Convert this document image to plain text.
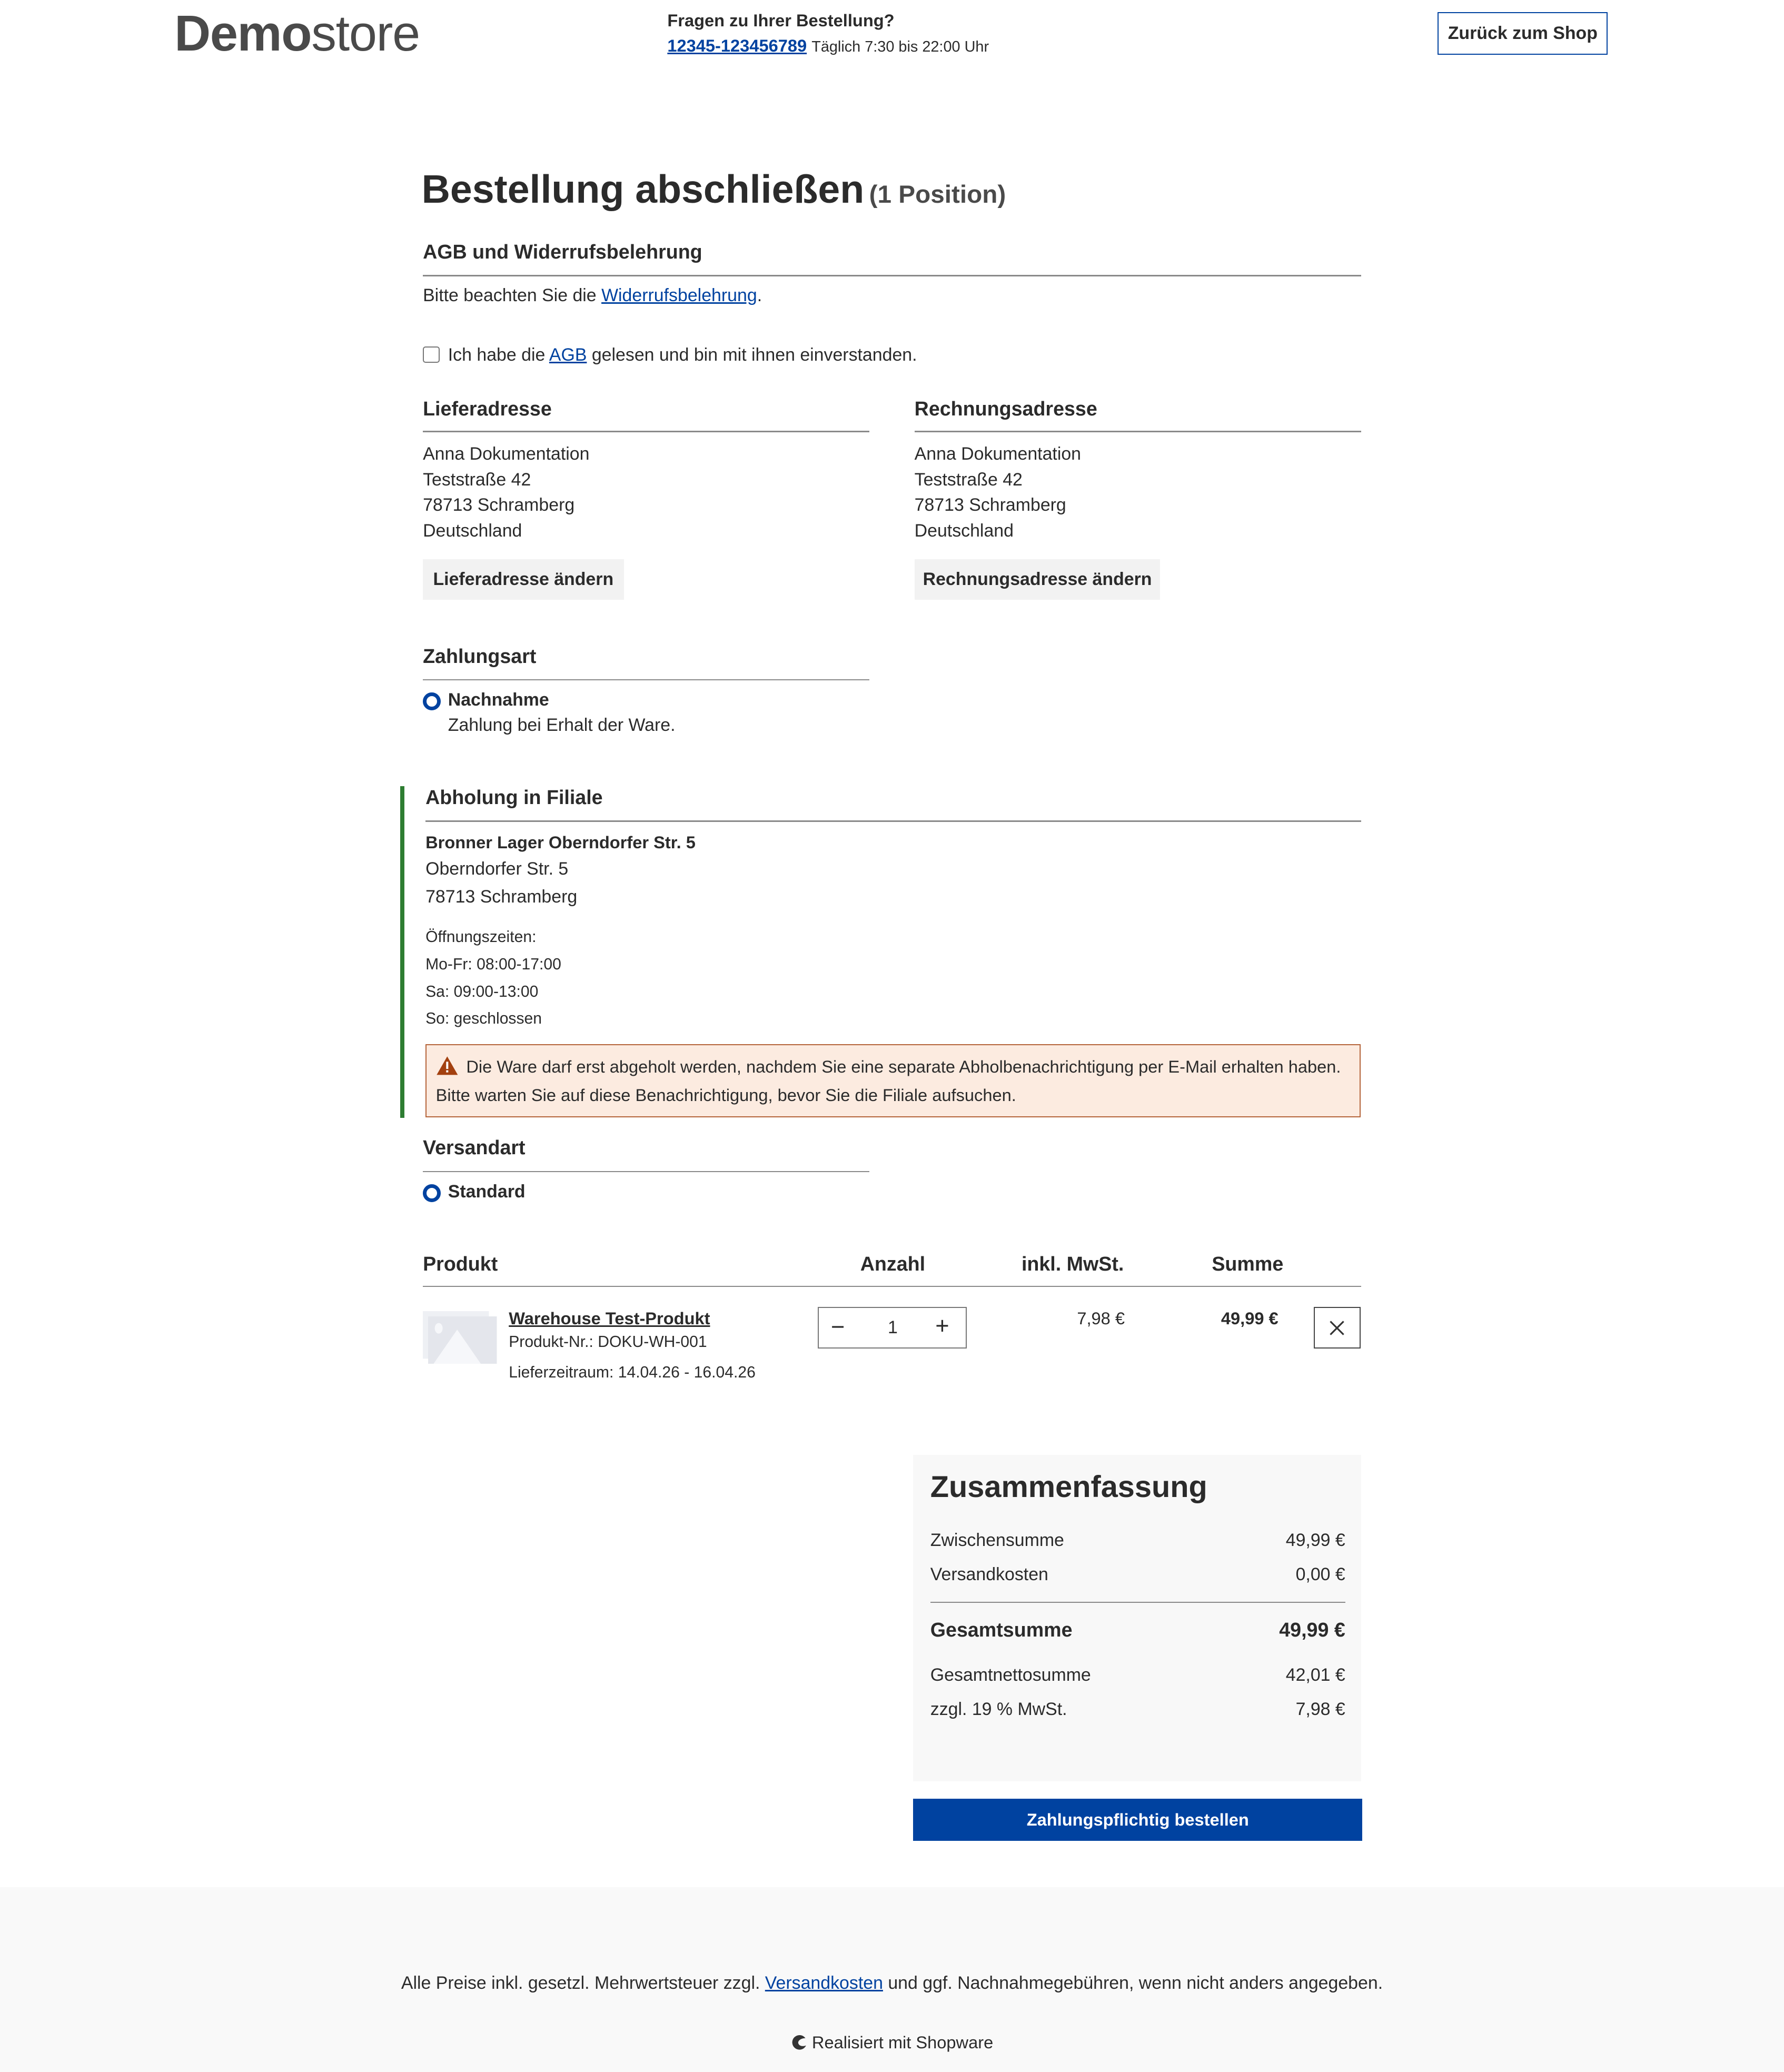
Demostore	Fragen zu Ihrer Bestellung?
12345-123456789 Täglich 7:30 bis 22:00 Uhr
Zurück zum Shop
Bestellung abschließen (1 Position)
AGB und Widerrufsbelehrung
Bitte beachten Sie die Widerrufsbelehrung.
Ich habe die AGB gelesen und bin mit ihnen einverstanden.
Lieferadresse
Anna Dokumentation
Teststraße 42
78713 Schramberg
Deutschland
Lieferadresse ändern
Rechnungsadresse
Anna Dokumentation
Teststraße 42
78713 Schramberg
Deutschland
Rechnungsadresse ändern
Zahlungsart
Nachnahme
Zahlung bei Erhalt der Ware.
Abholung in Filiale
Bronner Lager Oberndorfer Str. 5
Oberndorfer Str. 5
78713 Schramberg
Öffnungszeiten:
Mo-Fr: 08:00-17:00
Sa: 09:00-13:00
So: geschlossen
Die Ware darf erst abgeholt werden, nachdem Sie eine separate Abholbenachrichtigung per E-Mail erhalten haben. Bitte warten Sie auf diese Benachrichtigung, bevor Sie die Filiale aufsuchen.
Versandart
Standard
Produkt	Anzahl	inkl. MwSt.	Summe
Warehouse Test-Produkt
Produkt-Nr.: DOKU-WH-001
Lieferzeitraum: 14.04.26 - 16.04.26
−	1	+	7,98 €	49,99 €
Zusammenfassung
Zwischensumme	49,99 €
Versandkosten	0,00 €
Gesamtsumme	49,99 €
Gesamtnettosumme	42,01 €
zzgl. 19 % MwSt.	7,98 €
Zahlungspflichtig bestellen
Alle Preise inkl. gesetzl. Mehrwertsteuer zzgl. Versandkosten und ggf. Nachnahmegebühren, wenn nicht anders angegeben.
Realisiert mit Shopware
